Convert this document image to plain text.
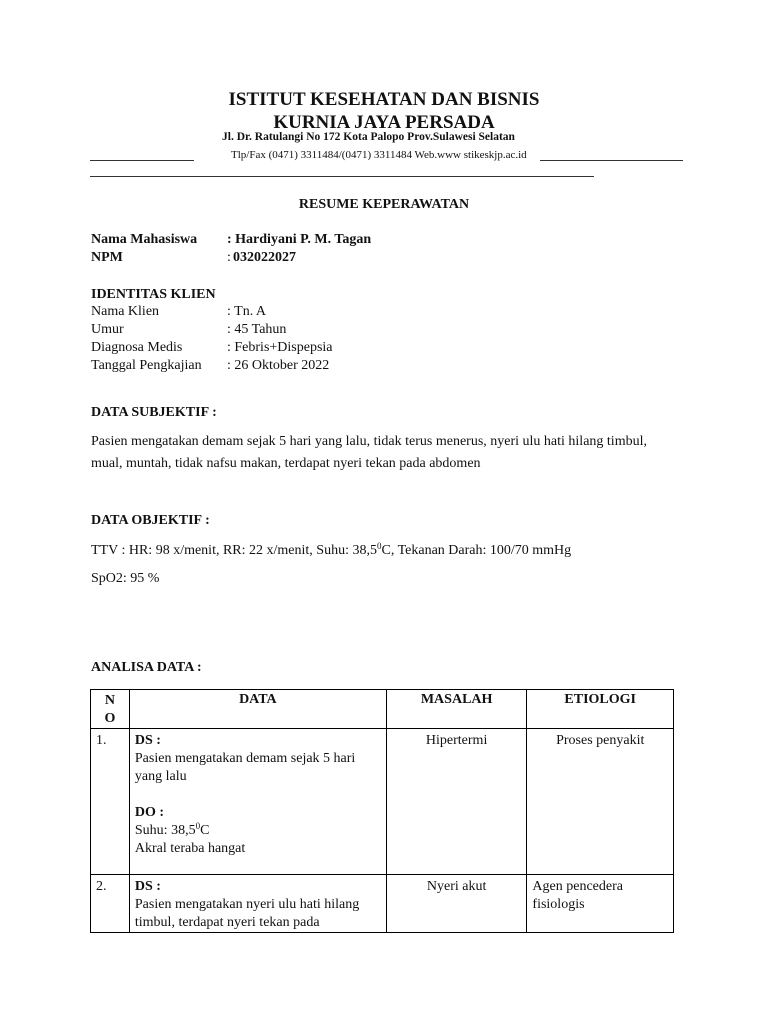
ISTITUT KESEHATAN DAN BISNIS
KURNIA JAYA PERSADA
Jl. Dr. Ratulangi No 172 Kota Palopo Prov.Sulawesi Selatan
Tlp/Fax (0471) 3311484/(0471) 3311484 Web.www stikeskjp.ac.id
RESUME KEPERAWATAN
Nama Mahasiswa : Hardiyani P. M. Tagan
NPM	: 032022027
IDENTITAS KLIEN
Nama Klien	: Tn. A
Umur	: 45 Tahun
Diagnosa Medis	: Febris+Dispepsia
Tanggal Pengkajian : 26 Oktober 2022
DATA SUBJEKTIF :
Pasien mengatakan demam sejak 5 hari yang lalu, tidak terus menerus, nyeri ulu hati hilang timbul, mual, muntah, tidak nafsu makan, terdapat nyeri tekan pada abdomen
DATA OBJEKTIF :
TTV : HR: 98 x/menit, RR: 22 x/menit, Suhu: 38,5$^0$C, Tekanan Darah: 100/70 mmHg
SpO2: 95 %
ANALISA DATA :
N
O	DATA	MASALAH	ETIOLOGI
1.	DS :
Pasien mengatakan demam sejak 5 hari yang lalu
DO :
Suhu: 38,5$^0$C
Akral teraba hangat	Hipertermi	Proses penyakit
2.	DS :
Pasien mengatakan nyeri ulu hati hilang timbul, terdapat nyeri tekan pada	Nyeri akut	Agen pencedera fisiologis
